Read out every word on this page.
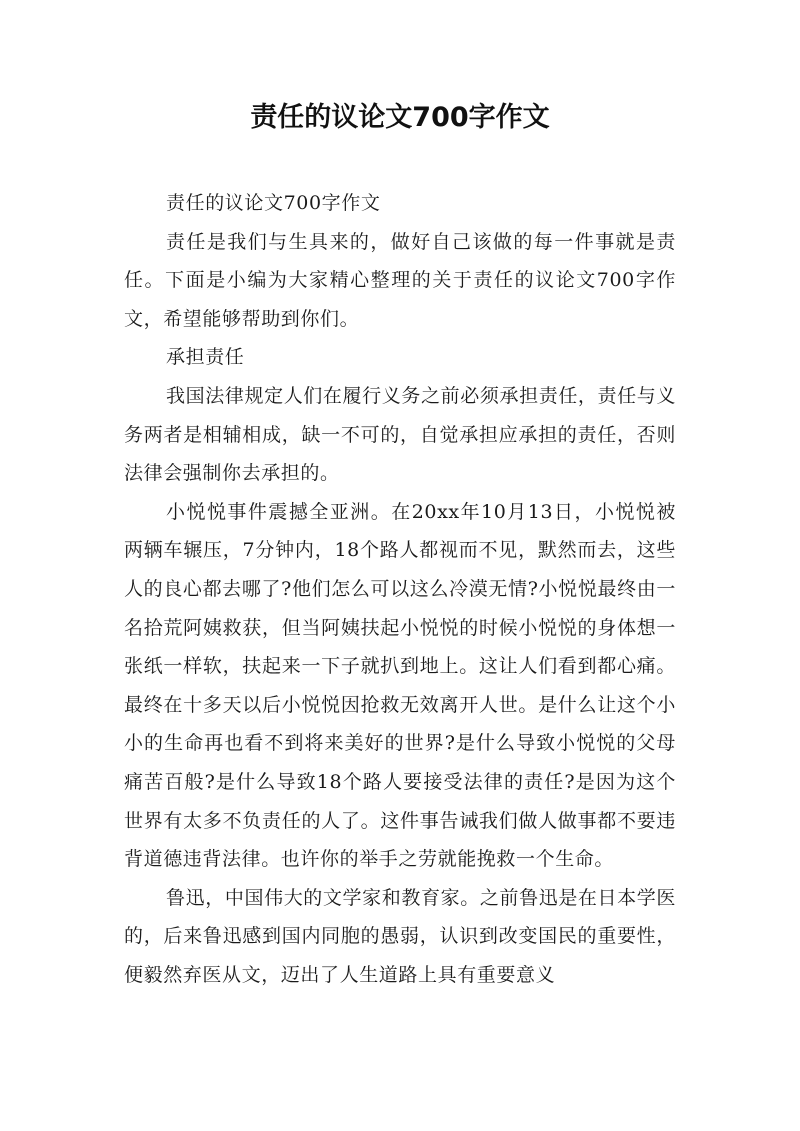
责任的议论文700字作文

责任的议论文700字作文

责任是我们与生具来的，做好自己该做的每一件事就是责任。下面是小编为大家精心整理的关于责任的议论文700字作文，希望能够帮助到你们。

承担责任

我国法律规定人们在履行义务之前必须承担责任，责任与义务两者是相辅相成，缺一不可的，自觉承担应承担的责任，否则法律会强制你去承担的。

小悦悦事件震撼全亚洲。在20xx年10月13日，小悦悦被两辆车辗压，7分钟内，18个路人都视而不见，默然而去，这些人的良心都去哪了?他们怎么可以这么冷漠无情?小悦悦最终由一名拾荒阿姨救获，但当阿姨扶起小悦悦的时候小悦悦的身体想一张纸一样软，扶起来一下子就扒到地上。这让人们看到都心痛。最终在十多天以后小悦悦因抢救无效离开人世。是什么让这个小小的生命再也看不到将来美好的世界?是什么导致小悦悦的父母痛苦百般?是什么导致18个路人要接受法律的责任?是因为这个世界有太多不负责任的人了。这件事告诫我们做人做事都不要违背道德违背法律。也许你的举手之劳就能挽救一个生命。

鲁迅，中国伟大的文学家和教育家。之前鲁迅是在日本学医的，后来鲁迅感到国内同胞的愚弱，认识到改变国民的重要性，便毅然弃医从文，迈出了人生道路上具有重要意义
